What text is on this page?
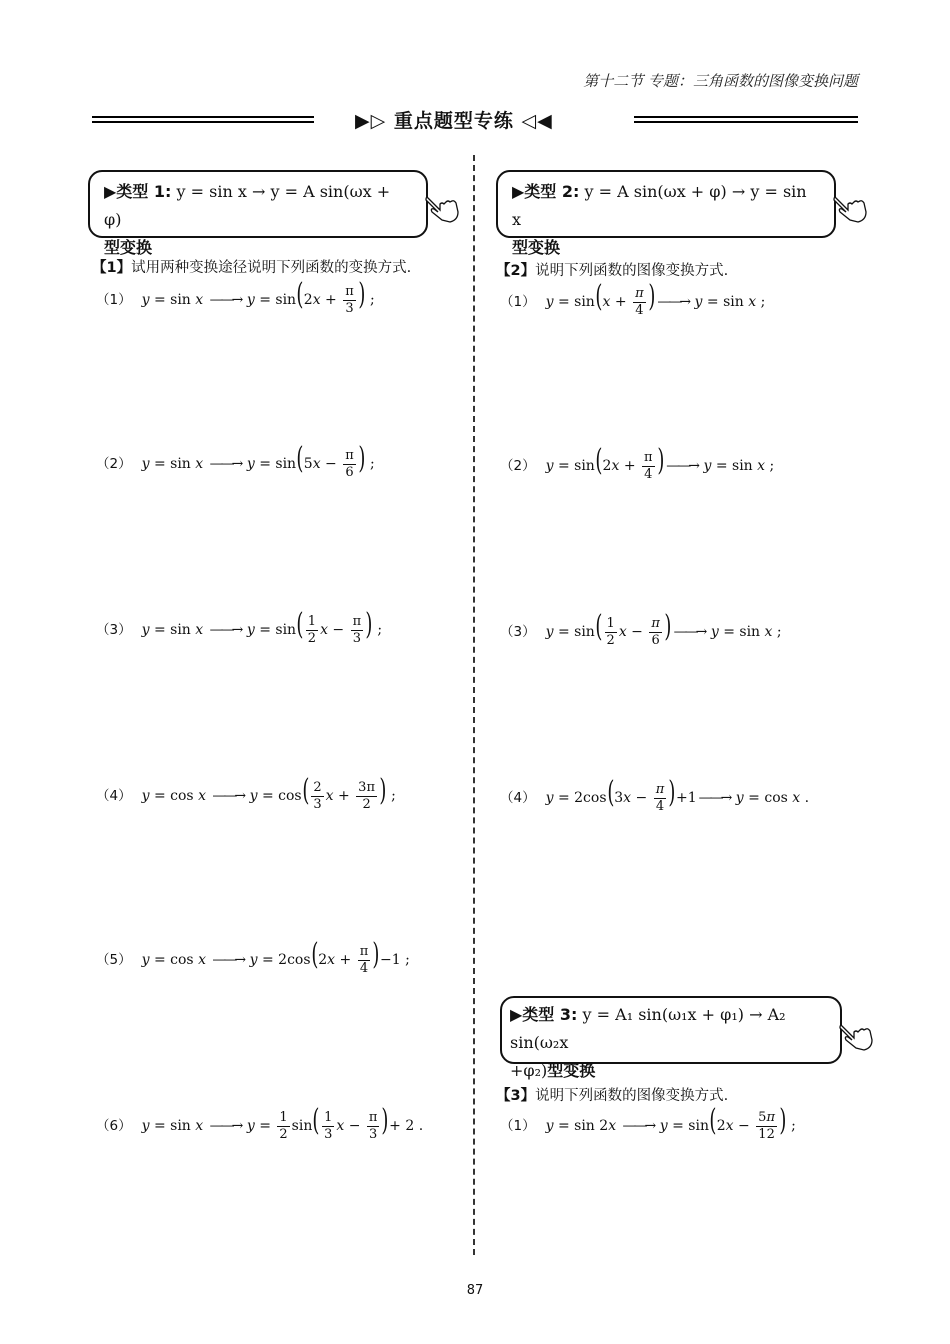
第十二节 专题：三角函数的图像变换问题
▶▷ 重点题型专练 ◁◀
▶类型 1: y = sin x → y = A sin(ωx + φ)
型变换
▶类型 2: y = A sin(ωx + φ) → y = sin x
型变换
【1】试用两种变换途径说明下列函数的变换方式.
（1） y = sin x ——→ $y = \sin(2x + \frac{\pi}{3}$ ) ;
（2） y = sin x ——→ $y = \sin(5x - \frac{\pi}{6}$ ) ;
（3） y = sin x ——→ $y = \sin( \frac{1}{2}$ $x - \frac{\pi}{3}$ ) ;
（4） y = cos x ——→ $y = \cos( \frac{2}{3}$ $x + \frac{3\pi}{2}$ ) ;
（5） y = cos x ——→ $y = 2\cos(2x + \frac{\pi}{4} )-1$ ;
（6） y = sin x ——→ $y = \frac{1}{2} \sin( \frac{1}{3}$ $x - \frac{\pi}{3}$ )+ 2 .
【2】说明下列函数的图像变换方式.
（1） $y = \sin(x + \frac{\pi}{4}$ ) ——→ y = sin x ;
（2） $y = \sin(2x + \frac{\pi}{4}$ ) ——→ y = sin x ;
（3） $y = \sin( \frac{1}{2}$ $x - \frac{\pi}{6}$ ) ——→ y = sin x ;
（4） $y = 2\cos(3x - \frac{\pi}{4} )+1$ ——→ y = cos x .
▶类型 3: y = A₁ sin(ω₁x + φ₁) → A₂ sin(ω₂x
+φ₂)型变换
【3】说明下列函数的图像变换方式.
（1） y = sin 2x ——→ $y = \sin(2x - \frac{5\pi}{12}$ ) ;
87
